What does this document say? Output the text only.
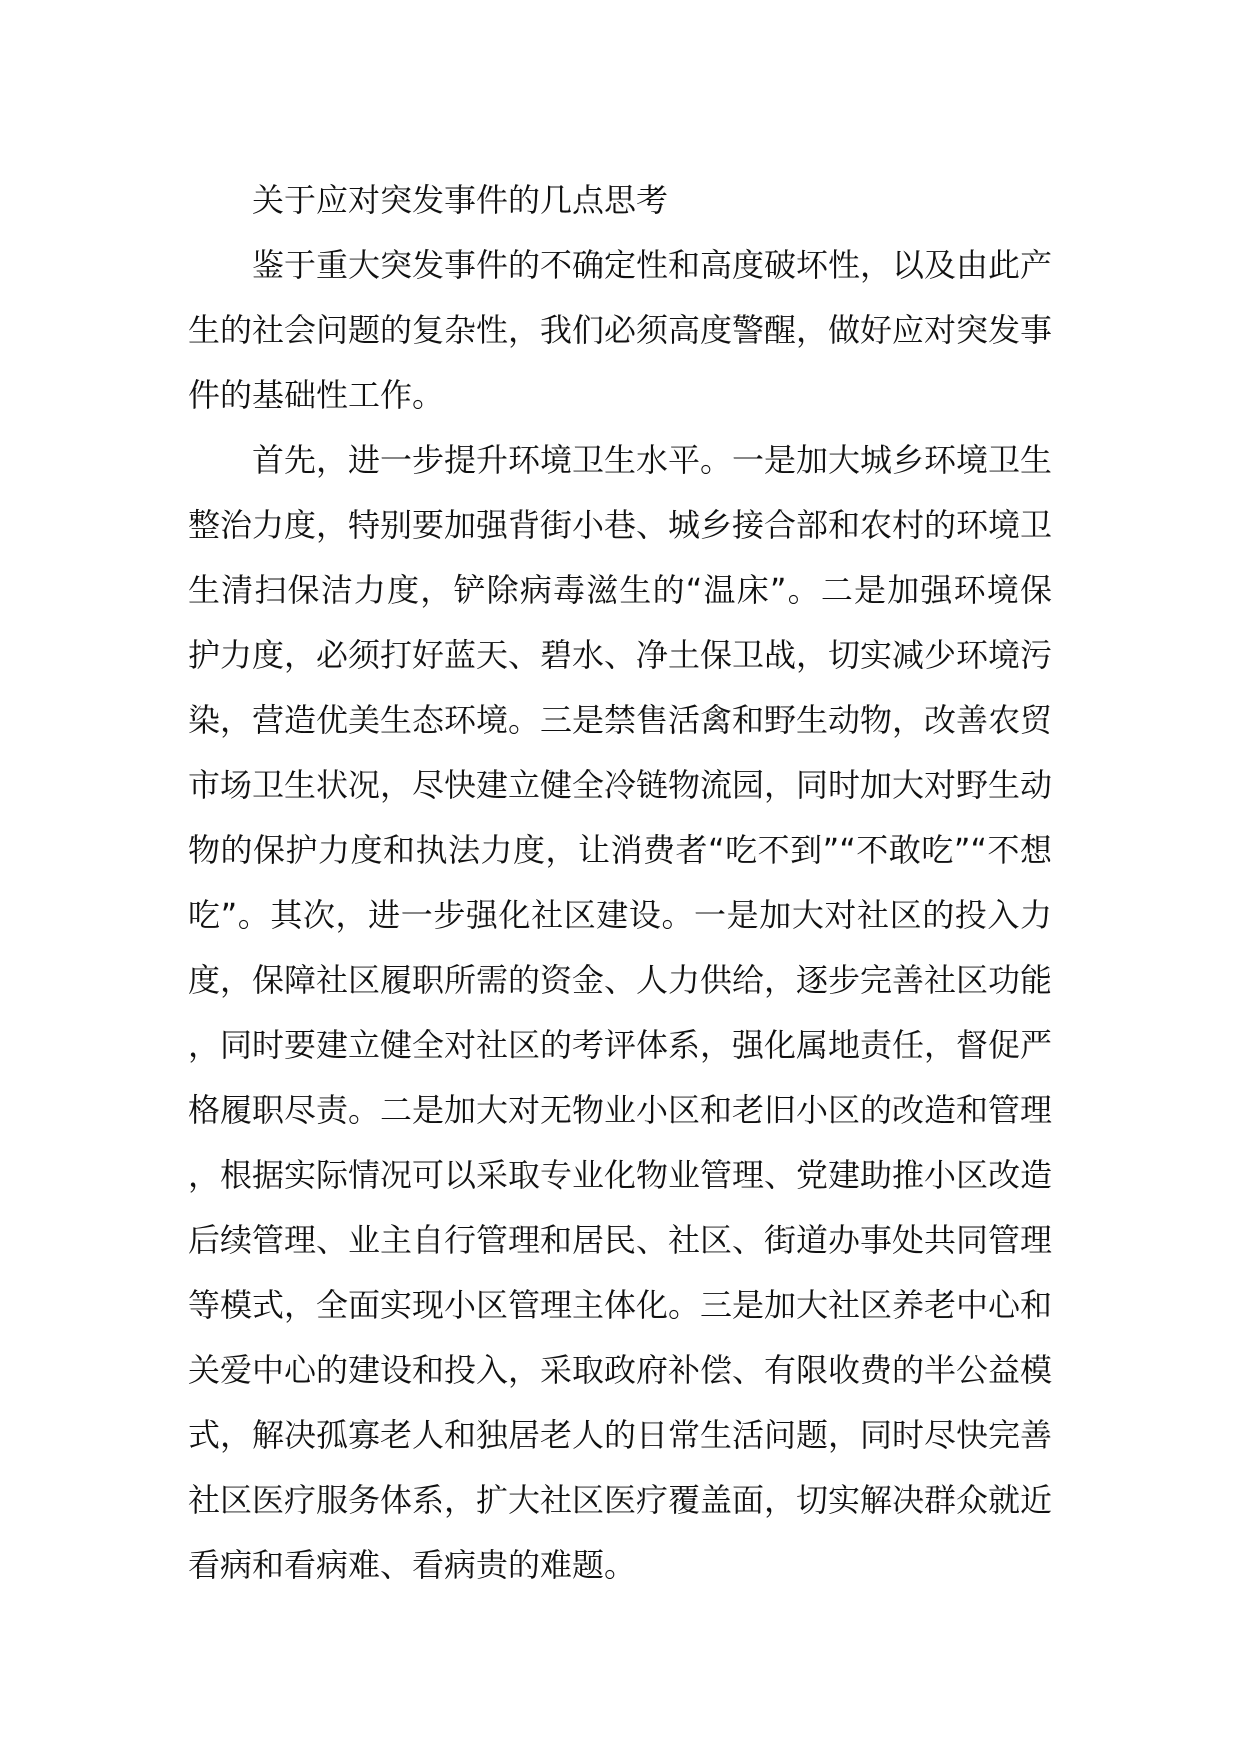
关于应对突发事件的几点思考

鉴于重大突发事件的不确定性和高度破坏性，以及由此产生的社会问题的复杂性，我们必须高度警醒，做好应对突发事件的基础性工作。

首先，进一步提升环境卫生水平。一是加大城乡环境卫生整治力度，特别要加强背街小巷、城乡接合部和农村的环境卫生清扫保洁力度，铲除病毒滋生的“温床”。二是加强环境保护力度，必须打好蓝天、碧水、净土保卫战，切实减少环境污染，营造优美生态环境。三是禁售活禽和野生动物，改善农贸市场卫生状况，尽快建立健全冷链物流园，同时加大对野生动物的保护力度和执法力度，让消费者“吃不到”“不敢吃”“不想吃”。其次，进一步强化社区建设。一是加大对社区的投入力度，保障社区履职所需的资金、人力供给，逐步完善社区功能，同时要建立健全对社区的考评体系，强化属地责任，督促严格履职尽责。二是加大对无物业小区和老旧小区的改造和管理，根据实际情况可以采取专业化物业管理、党建助推小区改造后续管理、业主自行管理和居民、社区、街道办事处共同管理等模式，全面实现小区管理主体化。三是加大社区养老中心和关爱中心的建设和投入，采取政府补偿、有限收费的半公益模式，解决孤寡老人和独居老人的日常生活问题，同时尽快完善社区医疗服务体系，扩大社区医疗覆盖面，切实解决群众就近看病和看病难、看病贵的难题。
